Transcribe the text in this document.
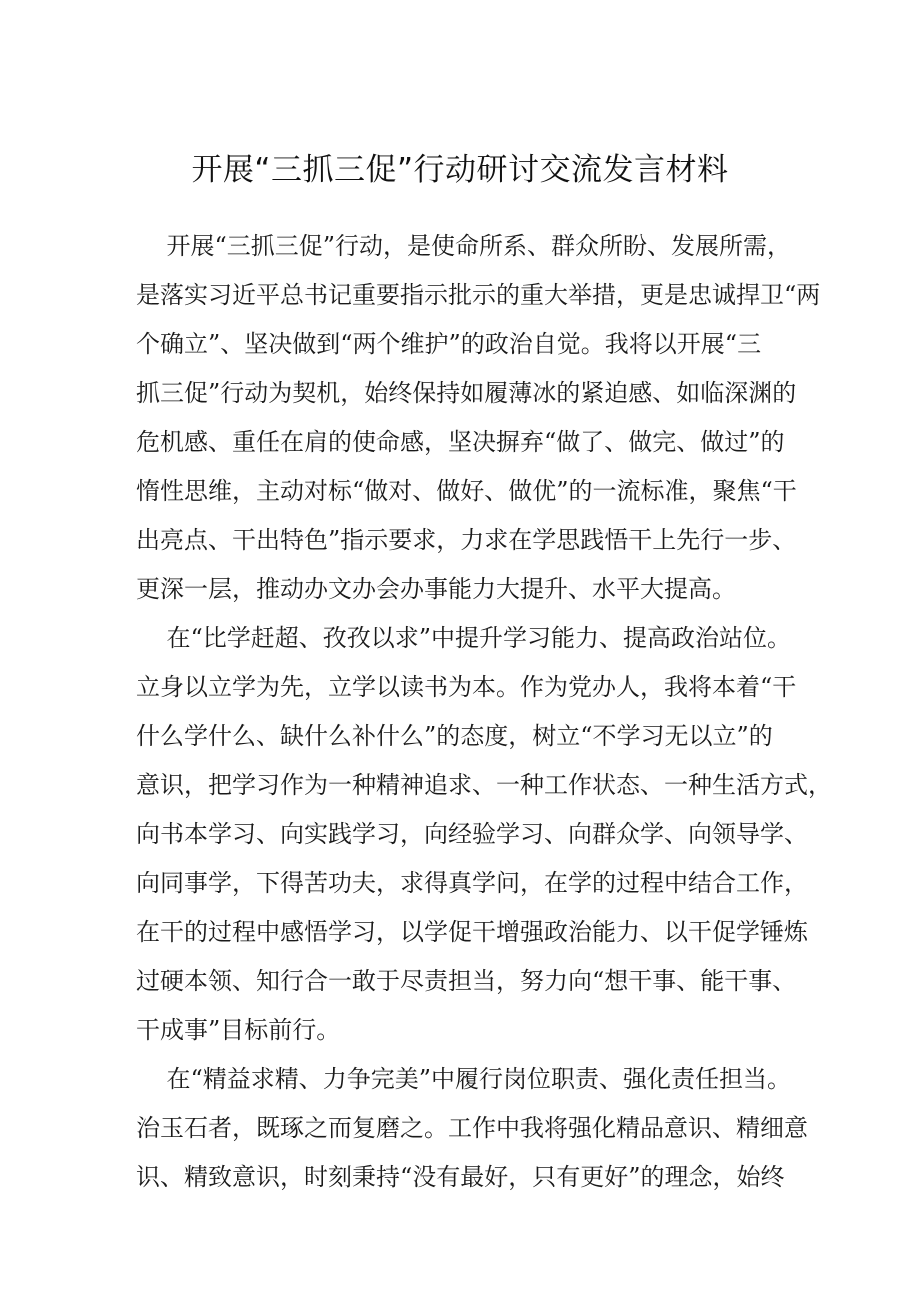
开展“三抓三促”行动研讨交流发言材料
开展“三抓三促”行动，是使命所系、群众所盼、发展所需，
是落实习近平总书记重要指示批示的重大举措，更是忠诚捍卫“两
个确立”、坚决做到“两个维护”的政治自觉。我将以开展“三
抓三促”行动为契机，始终保持如履薄冰的紧迫感、如临深渊的
危机感、重任在肩的使命感，坚决摒弃“做了、做完、做过”的
惰性思维，主动对标“做对、做好、做优”的一流标准，聚焦“干
出亮点、干出特色”指示要求，力求在学思践悟干上先行一步、
更深一层，推动办文办会办事能力大提升、水平大提高。
在“比学赶超、孜孜以求”中提升学习能力、提高政治站位。
立身以立学为先，立学以读书为本。作为党办人，我将本着“干
什么学什么、缺什么补什么”的态度，树立“不学习无以立”的
意识，把学习作为一种精神追求、一种工作状态、一种生活方式，
向书本学习、向实践学习，向经验学习、向群众学、向领导学、
向同事学，下得苦功夫，求得真学问，在学的过程中结合工作，
在干的过程中感悟学习，以学促干增强政治能力、以干促学锤炼
过硬本领、知行合一敢于尽责担当，努力向“想干事、能干事、
干成事”目标前行。
在“精益求精、力争完美”中履行岗位职责、强化责任担当。
治玉石者，既琢之而复磨之。工作中我将强化精品意识、精细意
识、精致意识，时刻秉持“没有最好，只有更好”的理念，始终
